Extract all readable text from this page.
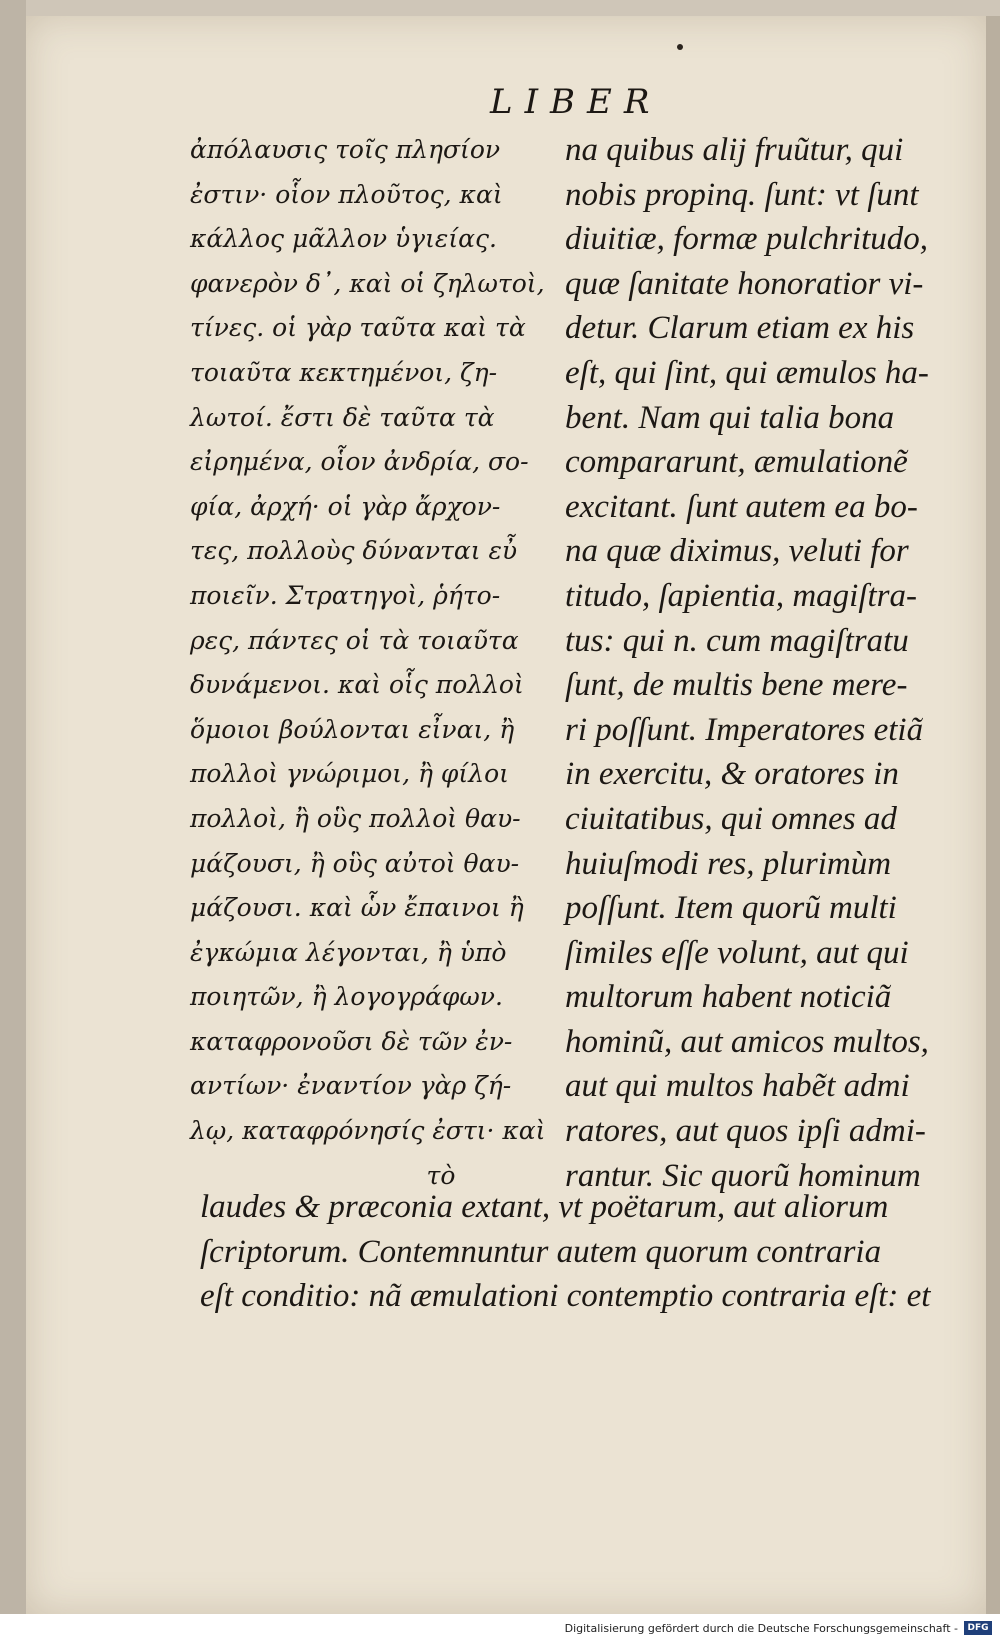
LIBER
ἀπόλαυσις τοῖς πλησίον
ἐστιν· οἷον πλοῦτος, καὶ
κάλλος μᾶλλον ὑγιείας.
φανερὸν δ᾽, καὶ οἱ ζηλωτοὶ,
τίνες. οἱ γὰρ ταῦτα καὶ τὰ
τοιαῦτα κεκτημένοι, ζη-
λωτοί. ἔστι δὲ ταῦτα τὰ
εἰρημένα, οἷον ἀνδρία, σο-
φία, ἀρχή· οἱ γὰρ ἄρχον-
τες, πολλοὺς δύνανται εὖ
ποιεῖν. Στρατηγοὶ, ῥήτο-
ρες, πάντες οἱ τὰ τοιαῦτα
δυνάμενοι. καὶ οἷς πολλοὶ
ὅμοιοι βούλονται εἶναι, ἢ
πολλοὶ γνώριμοι, ἢ φίλοι
πολλοὶ, ἢ οὓς πολλοὶ θαυ-
μάζουσι, ἢ οὓς αὐτοὶ θαυ-
μάζουσι. καὶ ὧν ἔπαινοι ἢ
ἐγκώμια λέγονται, ἢ ὑπὸ
ποιητῶν, ἢ λογογράφων.
καταφρονοῦσι δὲ τῶν ἐν-
αντίων· ἐναντίον γὰρ ζή-
λῳ, καταφρόνησίς ἐστι· καὶ
τὸ
na quibus alij fruũtur, qui
nobis propinq. ſunt: vt ſunt
diuitiæ, formæ pulchritudo,
quæ ſanitate honoratior vi-
detur. Clarum etiam ex his
eſt, qui ſint, qui æmulos ha-
bent. Nam qui talia bona
compararunt, æmulationẽ
excitant. ſunt autem ea bo-
na quæ diximus, veluti for
titudo, ſapientia, magiſtra-
tus: qui n. cum magiſtratu
ſunt, de multis bene mere-
ri poſſunt. Imperatores etiã
in exercitu, & oratores in
ciuitatibus, qui omnes ad
huiuſmodi res, plurimùm
poſſunt. Item quorũ multi
ſimiles eſſe volunt, aut qui
multorum habent noticiã
hominũ, aut amicos multos,
aut qui multos habẽt admi
ratores, aut quos ipſi admi-
rantur. Sic quorũ hominum
laudes & præconia extant, vt poëtarum, aut aliorum
ſcriptorum. Contemnuntur autem quorum contraria
eſt conditio: nã æmulationi contemptio contraria eſt: et
Digitalisierung gefördert durch die Deutsche Forschungsgemeinschaft -	DFG
